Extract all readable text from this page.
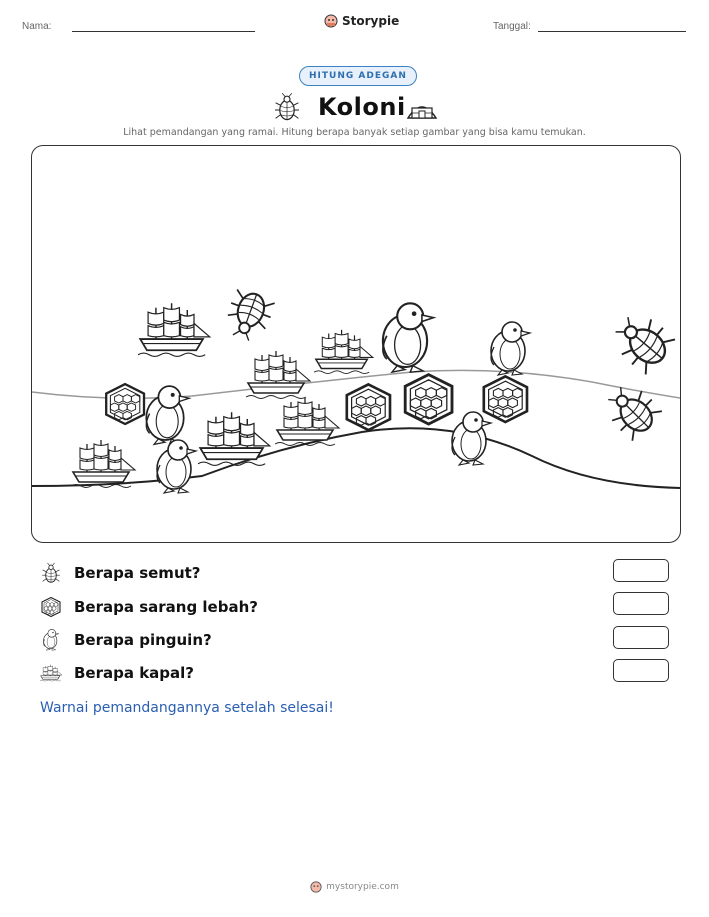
Nama:	Storypie	Tanggal:
HITUNG ADEGAN
Koloni
Lihat pemandangan yang ramai. Hitung berapa banyak setiap gambar yang bisa kamu temukan.
Berapa semut?
Berapa sarang lebah?
Berapa pinguin?
Berapa kapal?
Warnai pemandangannya setelah selesai!
mystorypie.com
